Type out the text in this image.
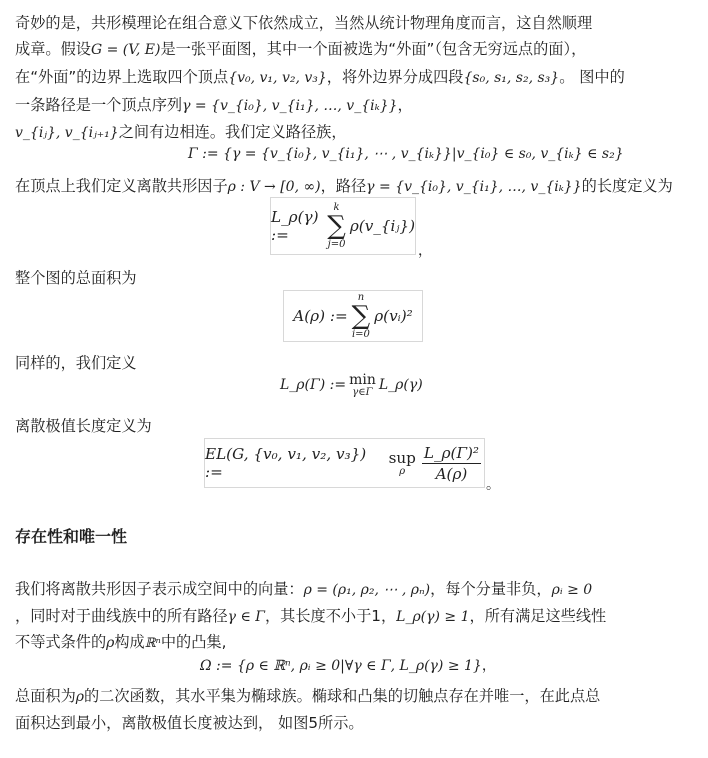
奇妙的是，共形模理论在组合意义下依然成立，当然从统计物理角度而言，这自然顺理
成章。假设G = (V, E)是一张平面图，其中一个面被选为“外面”（包含无穷远点的面），
在“外面”的边界上选取四个顶点{v₀, v₁, v₂, v₃}，将外边界分成四段{s₀, s₁, s₂, s₃}。 图中的
一条路径是一个顶点序列γ = {v_{i₀}, v_{i₁}, …, v_{iₖ}}，
v_{iⱼ}, v_{iⱼ₊₁}之间有边相连。我们定义路径族，
Γ := {γ = {v_{i₀}, v_{i₁}, ⋯ , v_{iₖ}}|v_{i₀} ∈ s₀, v_{iₖ} ∈ s₂}
在顶点上我们定义离散共形因子ρ : V → [0, ∞)，路径γ = {v_{i₀}, v_{i₁}, …, v_{iₖ}}的长度定义为
L_ρ(γ) :=
k
∑
j=0
ρ(v_{iⱼ})
，
整个图的总面积为
A(ρ) :=
n
∑
i=0
ρ(vᵢ)²
同样的，我们定义
L_ρ(Γ) := min
γ∈Γ L_ρ(γ)
离散极值长度定义为
EL(G, {v₀, v₁, v₂, v₃}) :=
sup
ρ $\frac{\text{L\_ρ(Γ)²}}{A(\rho)}$
。
存在性和唯一性
我们将离散共形因子表示成空间中的向量：ρ = (ρ₁, ρ₂, ⋯ , ρₙ)，每个分量非负，ρᵢ ≥ 0
，同时对于曲线族中的所有路径γ ∈ Γ，其长度不小于1，L_ρ(γ) ≥ 1，所有满足这些线性
不等式条件的ρ构成ℝⁿ中的凸集,
Ω := {ρ ∈ ℝⁿ, ρᵢ ≥ 0|∀γ ∈ Γ, L_ρ(γ) ≥ 1}，
总面积为ρ的二次函数，其水平集为椭球族。椭球和凸集的切触点存在并唯一，在此点总
面积达到最小，离散极值长度被达到， 如图5所示。
